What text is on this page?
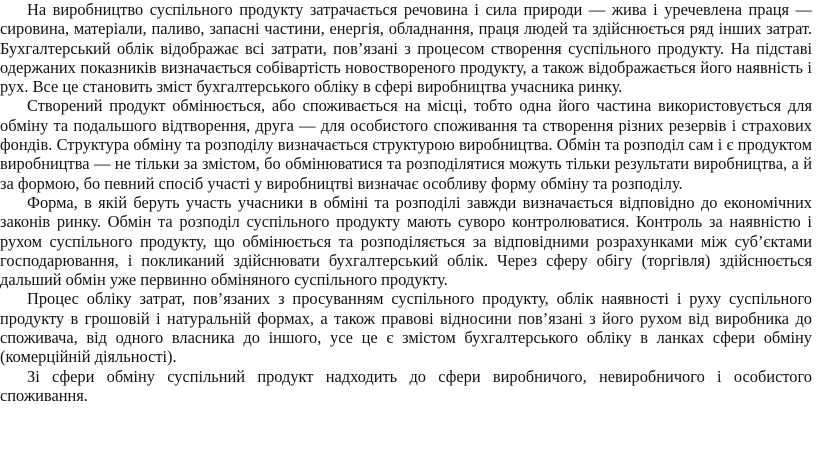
На виробництво суспільного продукту затрачається речовина і сила природи — жива і уречевлена праця — сировина, матеріали, паливо, запасні частини, енергія, обладнання, праця людей та здійснюється ряд інших затрат. Бухгалтерський облік відображає всі затрати, пов’язані з процесом створення суспільного продукту. На підставі одержаних показників визначається собівартість новоствореного продукту, а також відображається його наявність і рух. Все це становить зміст бухгалтерського обліку в сфері виробництва учасника ринку.

Створений продукт обмінюється, або споживається на місці, тобто одна його частина використовується для обміну та подальшого відтворення, друга — для особистого споживання та створення різних резервів і страхових фондів. Структура обміну та розподілу визначається структурою виробництва. Обмін та розподіл сам і є продуктом виробництва — не тільки за змістом, бо обмінюватися та розподілятися можуть тільки результати виробництва, а й за формою, бо певний спосіб участі у виробництві визначає особливу форму обміну та розподілу.

Форма, в якій беруть участь учасники в обміні та розподілі завжди визначається відповідно до економічних законів ринку. Обмін та розподіл суспільного продукту мають суворо контролюватися. Контроль за наявністю і рухом суспільного продукту, що обмінюється та розподіляється за відповідними розрахунками між суб’єктами господарювання, і покликаний здійснювати бухгалтерський облік. Через сферу обігу (торгівля) здійснюється дальший обмін уже первинно обміняного суспільного продукту.

Процес обліку затрат, пов’язаних з просуванням суспільного продукту, облік наявності і руху суспільного продукту в грошовій і натуральній формах, а також правові відносини пов’язані з його рухом від виробника до споживача, від одного власника до іншого, усе це є змістом бухгалтерського обліку в ланках сфери обміну (комерційній діяльності).

Зі сфери обміну суспільний продукт надходить до сфери виробничого, невиробничого і особистого споживання.
